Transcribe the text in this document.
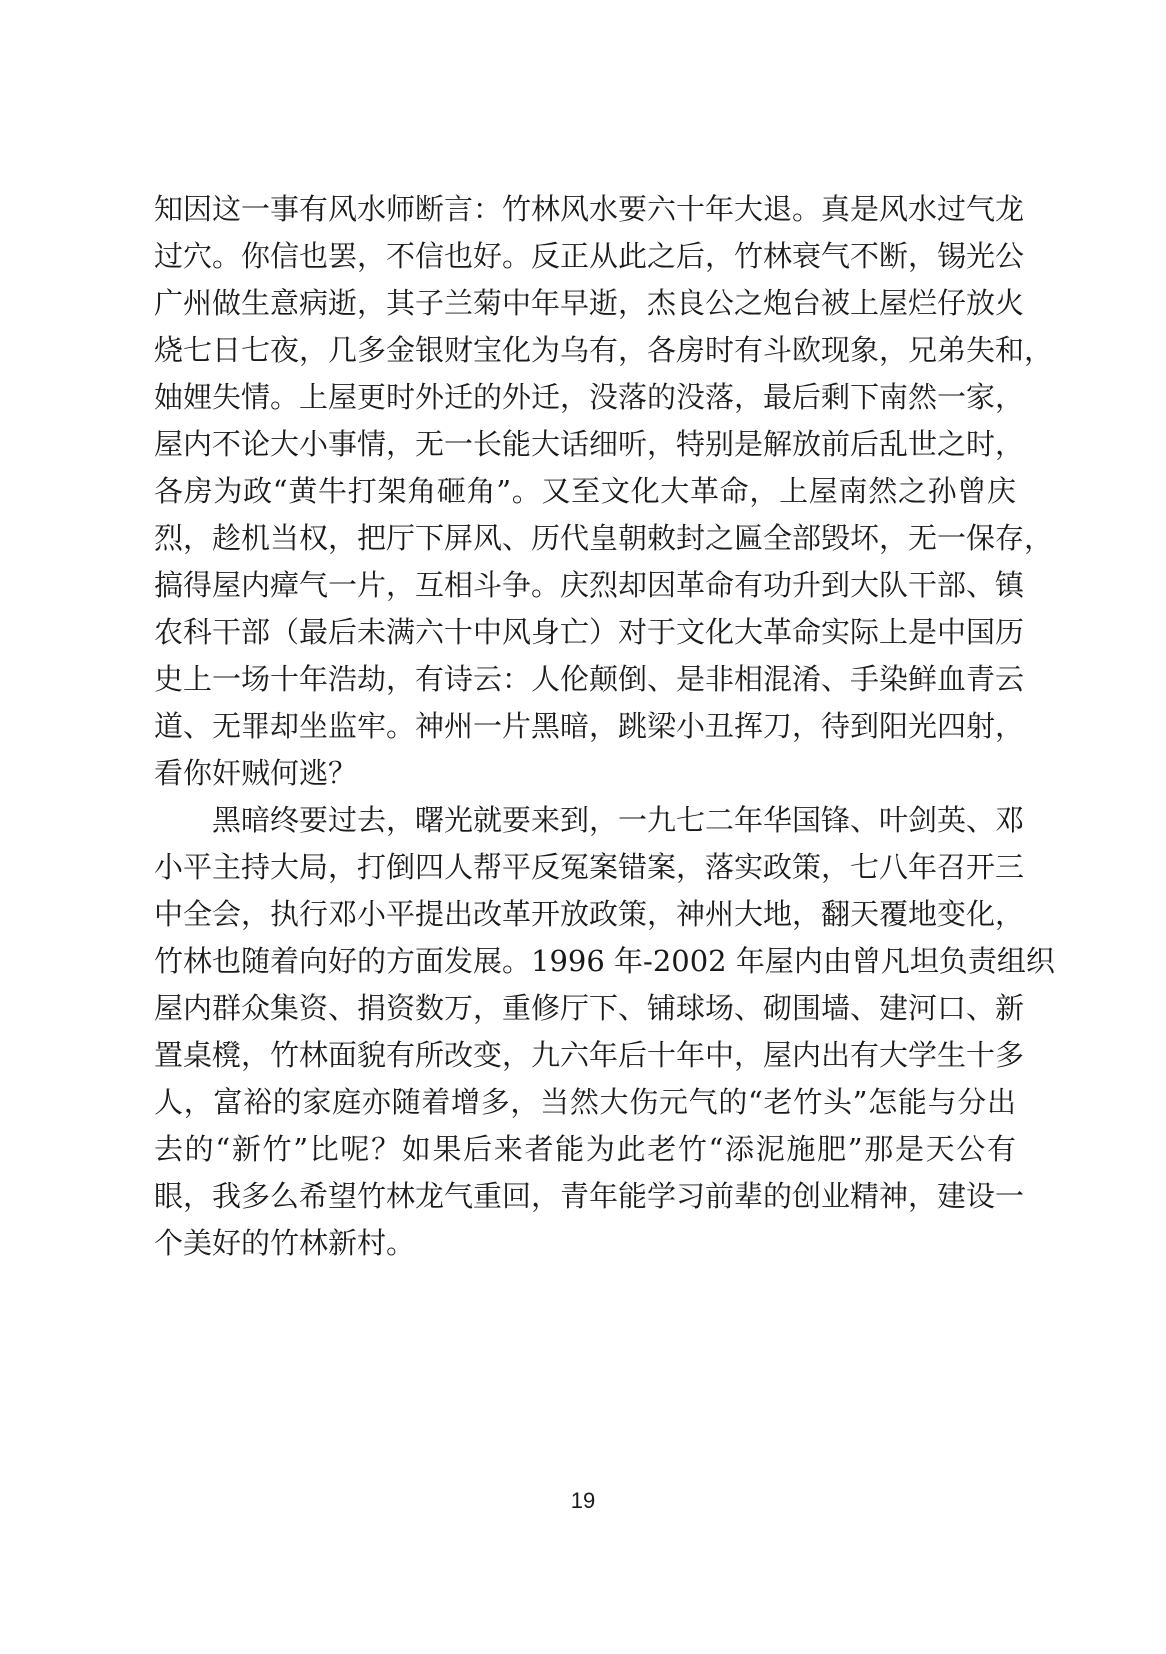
知因这一事有风水师断言：竹林风水要六十年大退。真是风水过气龙
过穴。你信也罢，不信也好。反正从此之后，竹林衰气不断，锡光公
广州做生意病逝，其子兰菊中年早逝，杰良公之炮台被上屋烂仔放火
烧七日七夜，几多金银财宝化为乌有，各房时有斗欧现象，兄弟失和，
妯娌失情。上屋更时外迁的外迁，没落的没落，最后剩下南然一家，
屋内不论大小事情，无一长能大话细听，特别是解放前后乱世之时，
各房为政“黄牛打架角砸角”。又至文化大革命，上屋南然之孙曾庆
烈，趁机当权，把厅下屏风、历代皇朝敕封之匾全部毁坏，无一保存，
搞得屋内瘴气一片，互相斗争。庆烈却因革命有功升到大队干部、镇
农科干部（最后未满六十中风身亡）对于文化大革命实际上是中国历
史上一场十年浩劫，有诗云：人伦颠倒、是非相混淆、手染鲜血青云
道、无罪却坐监牢。神州一片黑暗，跳梁小丑挥刀，待到阳光四射，
看你奸贼何逃？
黑暗终要过去，曙光就要来到，一九七二年华国锋、叶剑英、邓
小平主持大局，打倒四人帮平反冤案错案，落实政策，七八年召开三
中全会，执行邓小平提出改革开放政策，神州大地，翻天覆地变化，
竹林也随着向好的方面发展。1996 年-2002 年屋内由曾凡坦负责组织
屋内群众集资、捐资数万，重修厅下、铺球场、砌围墙、建河口、新
置桌櫈，竹林面貌有所改变，九六年后十年中，屋内出有大学生十多
人，富裕的家庭亦随着增多，当然大伤元气的“老竹头”怎能与分出
去的“新竹”比呢？如果后来者能为此老竹“添泥施肥”那是天公有
眼，我多么希望竹林龙气重回，青年能学习前辈的创业精神，建设一
个美好的竹林新村。
19
